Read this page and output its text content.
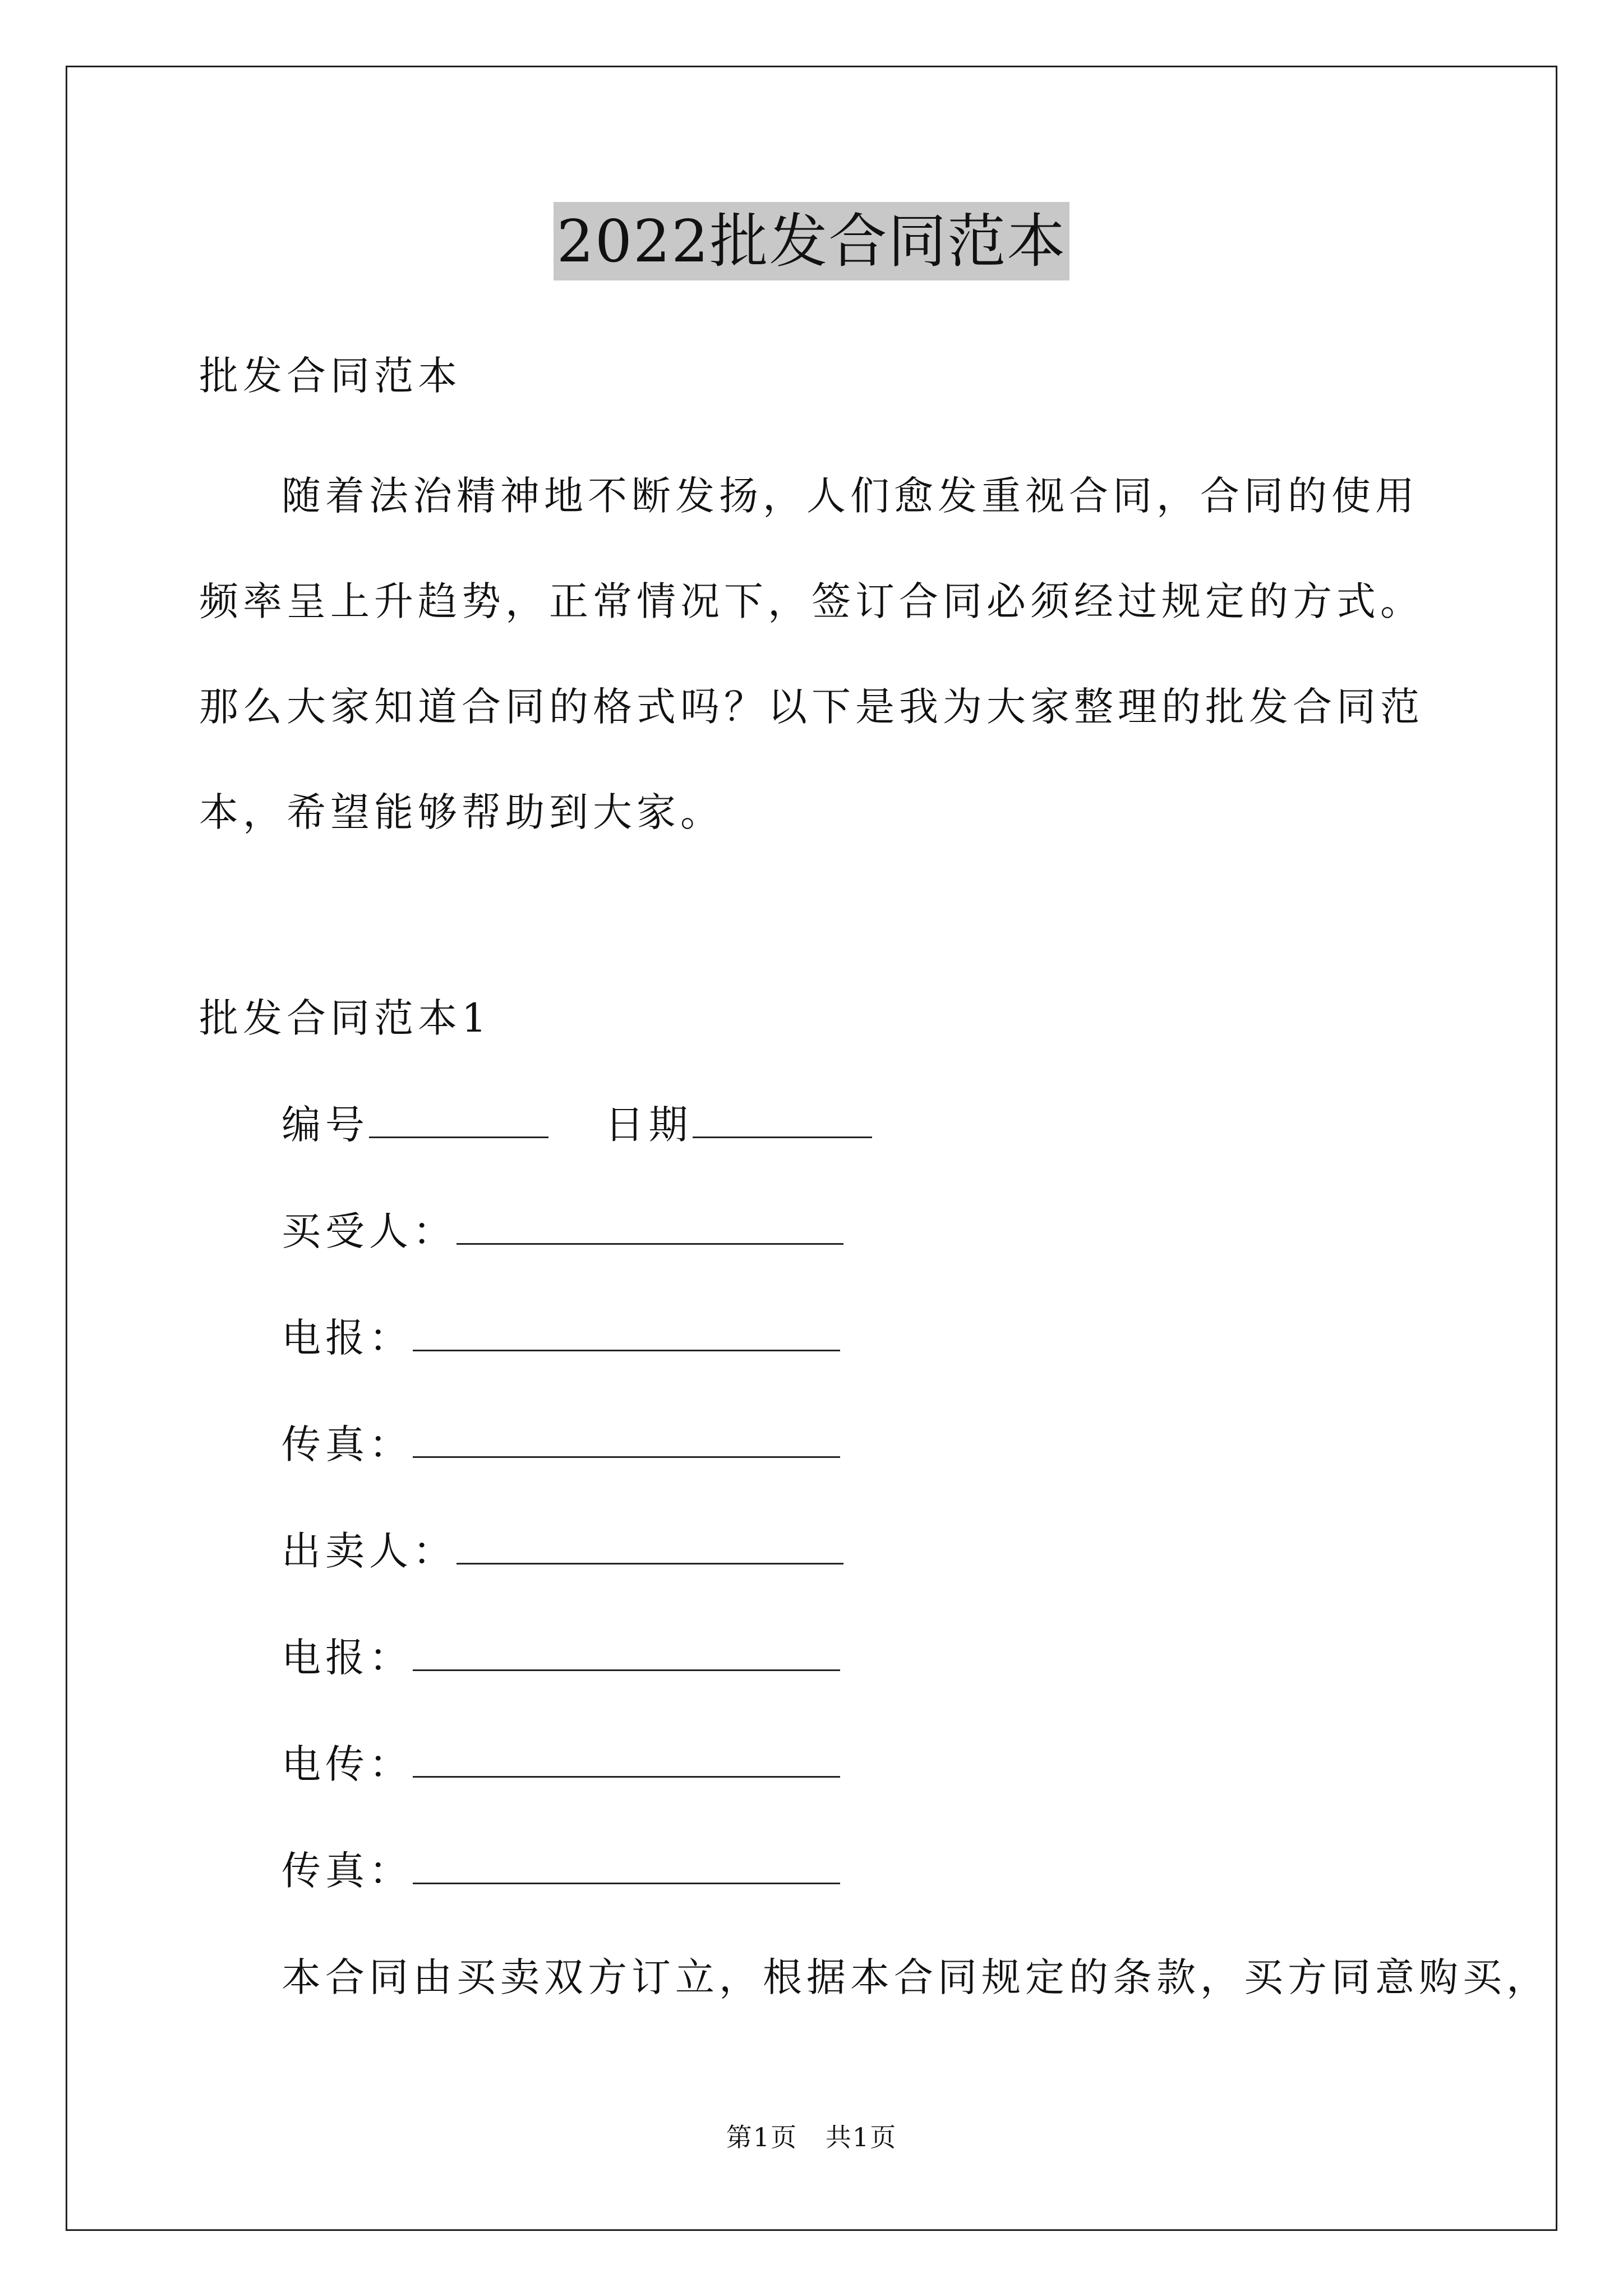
2022批发合同范本
批发合同范本

随着法治精神地不断发扬，人们愈发重视合同，合同的使用频率呈上升趋势，正常情况下，签订合同必须经过规定的方式。那么大家知道合同的格式吗？以下是我为大家整理的批发合同范本，希望能够帮助到大家。

批发合同范本1
编号	日期
买受人：
电报：
传真：
出卖人：
电报：
电传：
传真：
本合同由买卖双方订立，根据本合同规定的条款，买方同意购买，
第1页   共1页
